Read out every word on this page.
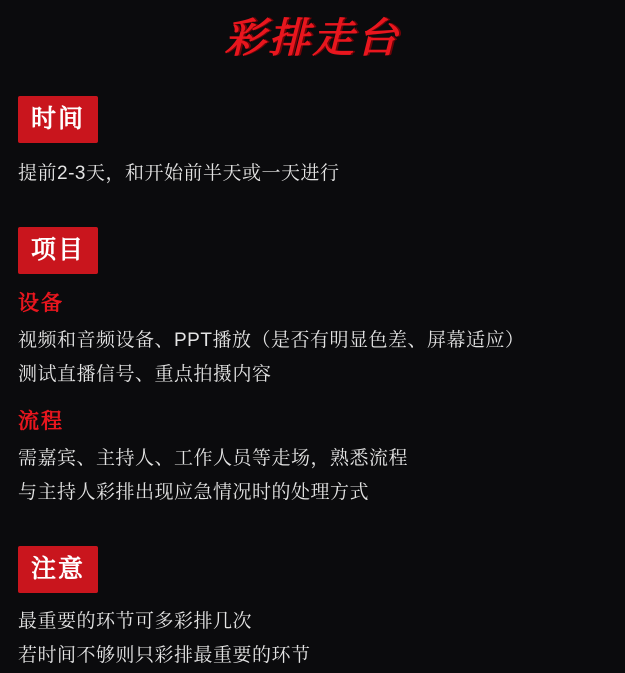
彩排走台
时间
提前2-3天，和开始前半天或一天进行
项目
设备
视频和音频设备、PPT播放（是否有明显色差、屏幕适应）
测试直播信号、重点拍摄内容
流程
需嘉宾、主持人、工作人员等走场，熟悉流程
与主持人彩排出现应急情况时的处理方式
注意
最重要的环节可多彩排几次
若时间不够则只彩排最重要的环节
